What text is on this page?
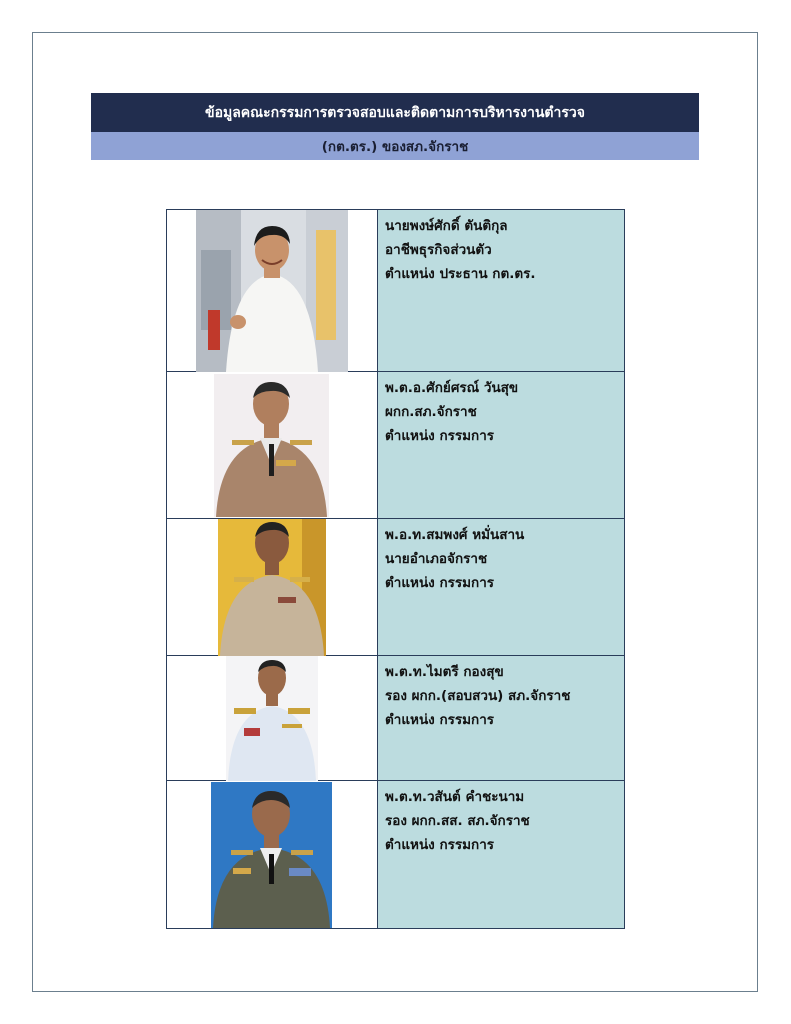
ข้อมูลคณะกรรมการตรวจสอบและติดตามการบริหารงานตำรวจ
(กต.ตร.) ของสภ.จักราช

นายพงษ์ศักดิ์ ตันติกุล
อาชีพธุรกิจส่วนตัว
ตำแหน่ง ประธาน กต.ตร.

พ.ต.อ.ศักย์ศรณ์ วันสุข
ผกก.สภ.จักราช
ตำแหน่ง กรรมการ

พ.อ.ท.สมพงศ์ หมั่นสาน
นายอำเภอจักราช
ตำแหน่ง กรรมการ

พ.ต.ท.ไมตรี กองสุข
รอง ผกก.(สอบสวน) สภ.จักราช
ตำแหน่ง กรรมการ

พ.ต.ท.วสันต์ คำชะนาม
รอง ผกก.สส. สภ.จักราช
ตำแหน่ง กรรมการ
